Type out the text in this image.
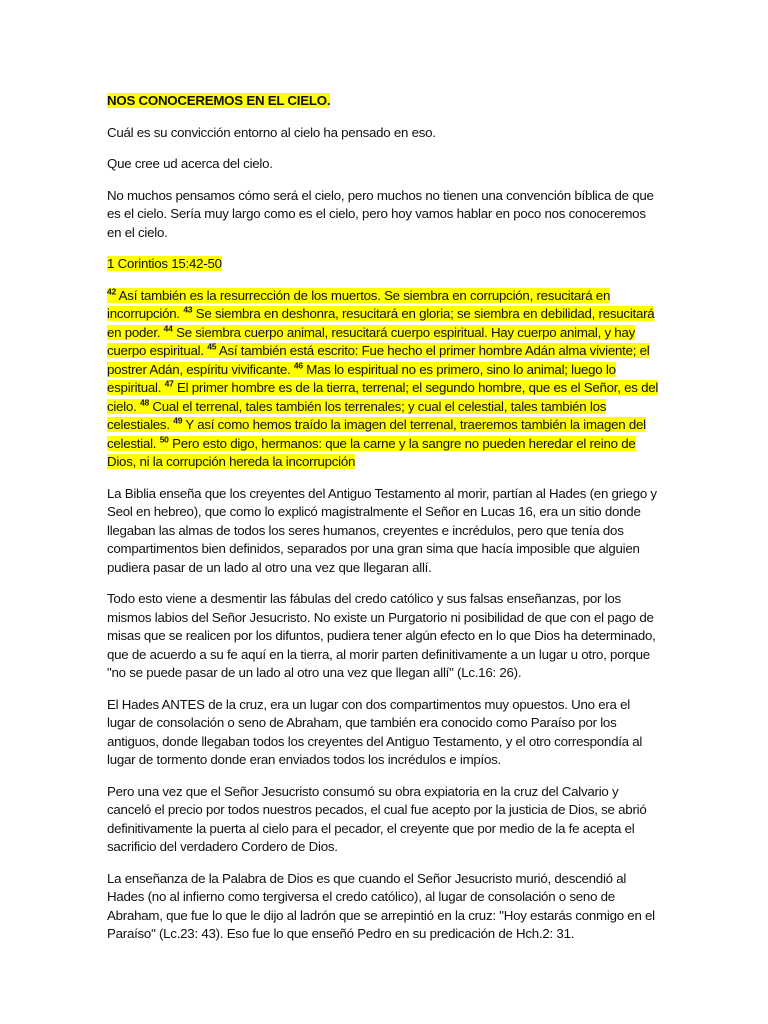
NOS CONOCEREMOS EN EL CIELO.

Cuál es su convicción entorno al cielo ha pensado en eso.

Que cree ud acerca del cielo.

No muchos pensamos cómo será el cielo, pero muchos no tienen una convención bíblica de que es el cielo. Sería muy largo como es el cielo, pero hoy vamos hablar en poco nos conoceremos en el cielo.

1 Corintios 15:42-50

$^{42}$ Así también es la resurrección de los muertos. Se siembra en corrupción, resucitará en incorrupción. $^{43}$ Se siembra en deshonra, resucitará en gloria; se siembra en debilidad, resucitará en poder. $^{44}$ Se siembra cuerpo animal, resucitará cuerpo espiritual. Hay cuerpo animal, y hay cuerpo espiritual. $^{45}$ Así también está escrito: Fue hecho el primer hombre Adán alma viviente; el postrer Adán, espíritu vivificante. $^{46}$ Mas lo espiritual no es primero, sino lo animal; luego lo espiritual. $^{47}$ El primer hombre es de la tierra, terrenal; el segundo hombre, que es el Señor, es del cielo. $^{48}$ Cual el terrenal, tales también los terrenales; y cual el celestial, tales también los celestiales. $^{49}$ Y así como hemos traído la imagen del terrenal, traeremos también la imagen del celestial. $^{50}$ Pero esto digo, hermanos: que la carne y la sangre no pueden heredar el reino de Dios, ni la corrupción hereda la incorrupción

La Biblia enseña que los creyentes del Antiguo Testamento al morir, partían al Hades (en griego y Seol en hebreo), que como lo explicó magistralmente el Señor en Lucas 16, era un sitio donde llegaban las almas de todos los seres humanos, creyentes e incrédulos, pero que tenía dos compartimentos bien definidos, separados por una gran sima que hacía imposible que alguien pudiera pasar de un lado al otro una vez que llegaran allí.

Todo esto viene a desmentir las fábulas del credo católico y sus falsas enseñanzas, por los mismos labios del Señor Jesucristo. No existe un Purgatorio ni posibilidad de que con el pago de misas que se realicen por los difuntos, pudiera tener algún efecto en lo que Dios ha determinado, que de acuerdo a su fe aquí en la tierra, al morir parten definitivamente a un lugar u otro, porque "no se puede pasar de un lado al otro una vez que llegan allí" (Lc.16: 26).

El Hades ANTES de la cruz, era un lugar con dos compartimentos muy opuestos. Uno era el lugar de consolación o seno de Abraham, que también era conocido como Paraíso por los antiguos, donde llegaban todos los creyentes del Antiguo Testamento, y el otro correspondía al lugar de tormento donde eran enviados todos los incrédulos e impíos.

Pero una vez que el Señor Jesucristo consumó su obra expiatoria en la cruz del Calvario y canceló el precio por todos nuestros pecados, el cual fue acepto por la justicia de Dios, se abrió definitivamente la puerta al cielo para el pecador, el creyente que por medio de la fe acepta el sacrificio del verdadero Cordero de Dios.

La enseñanza de la Palabra de Dios es que cuando el Señor Jesucristo murió, descendió al Hades (no al infierno como tergiversa el credo católico), al lugar de consolación o seno de Abraham, que fue lo que le dijo al ladrón que se arrepintió en la cruz: "Hoy estarás conmigo en el Paraíso" (Lc.23: 43). Eso fue lo que enseñó Pedro en su predicación de Hch.2: 31.
